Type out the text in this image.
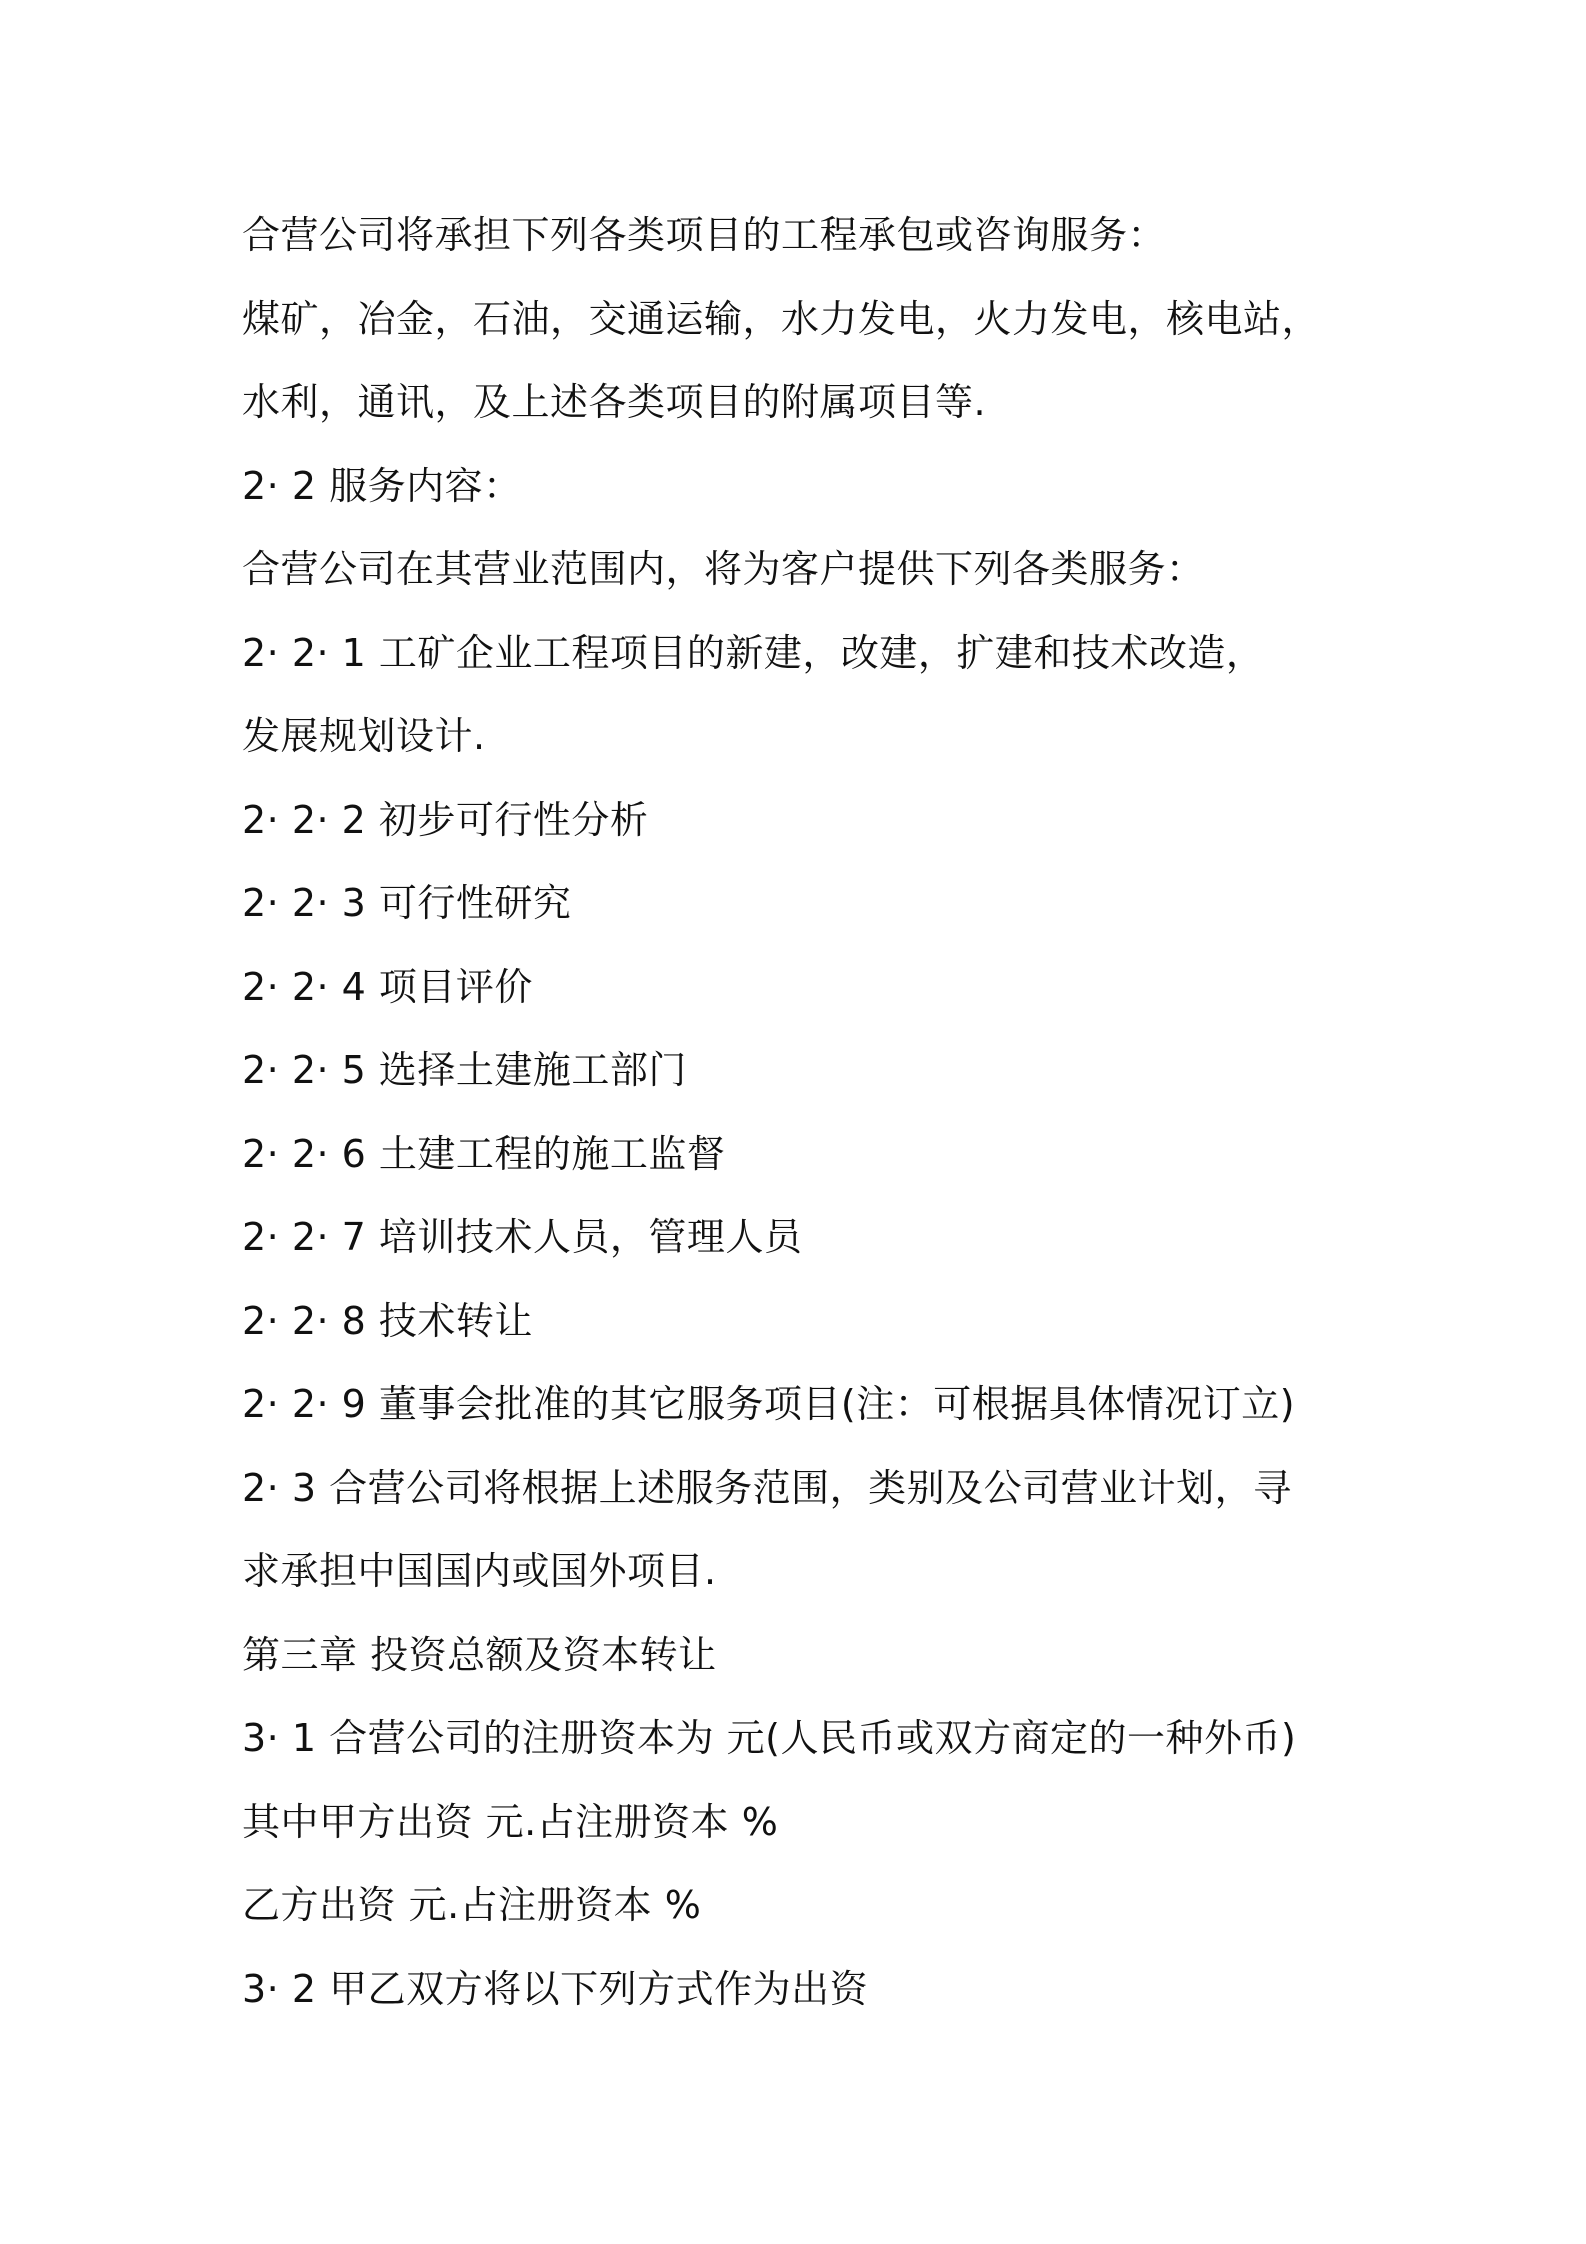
合营公司将承担下列各类项目的工程承包或咨询服务：
煤矿，冶金，石油，交通运输，水力发电，火力发电，核电站，
水利，通讯，及上述各类项目的附属项目等.
2· 2 服务内容：
合营公司在其营业范围内，将为客户提供下列各类服务：
2· 2· 1 工矿企业工程项目的新建，改建，扩建和技术改造，
发展规划设计.
2· 2· 2 初步可行性分析
2· 2· 3 可行性研究
2· 2· 4 项目评价
2· 2· 5 选择土建施工部门
2· 2· 6 土建工程的施工监督
2· 2· 7 培训技术人员，管理人员
2· 2· 8 技术转让
2· 2· 9 董事会批准的其它服务项目(注：可根据具体情况订立)
2· 3 合营公司将根据上述服务范围，类别及公司营业计划，寻
求承担中国国内或国外项目.
第三章 投资总额及资本转让
3· 1 合营公司的注册资本为 元(人民币或双方商定的一种外币)
其中甲方出资 元.占注册资本 %
乙方出资 元.占注册资本 %
3· 2 甲乙双方将以下列方式作为出资
